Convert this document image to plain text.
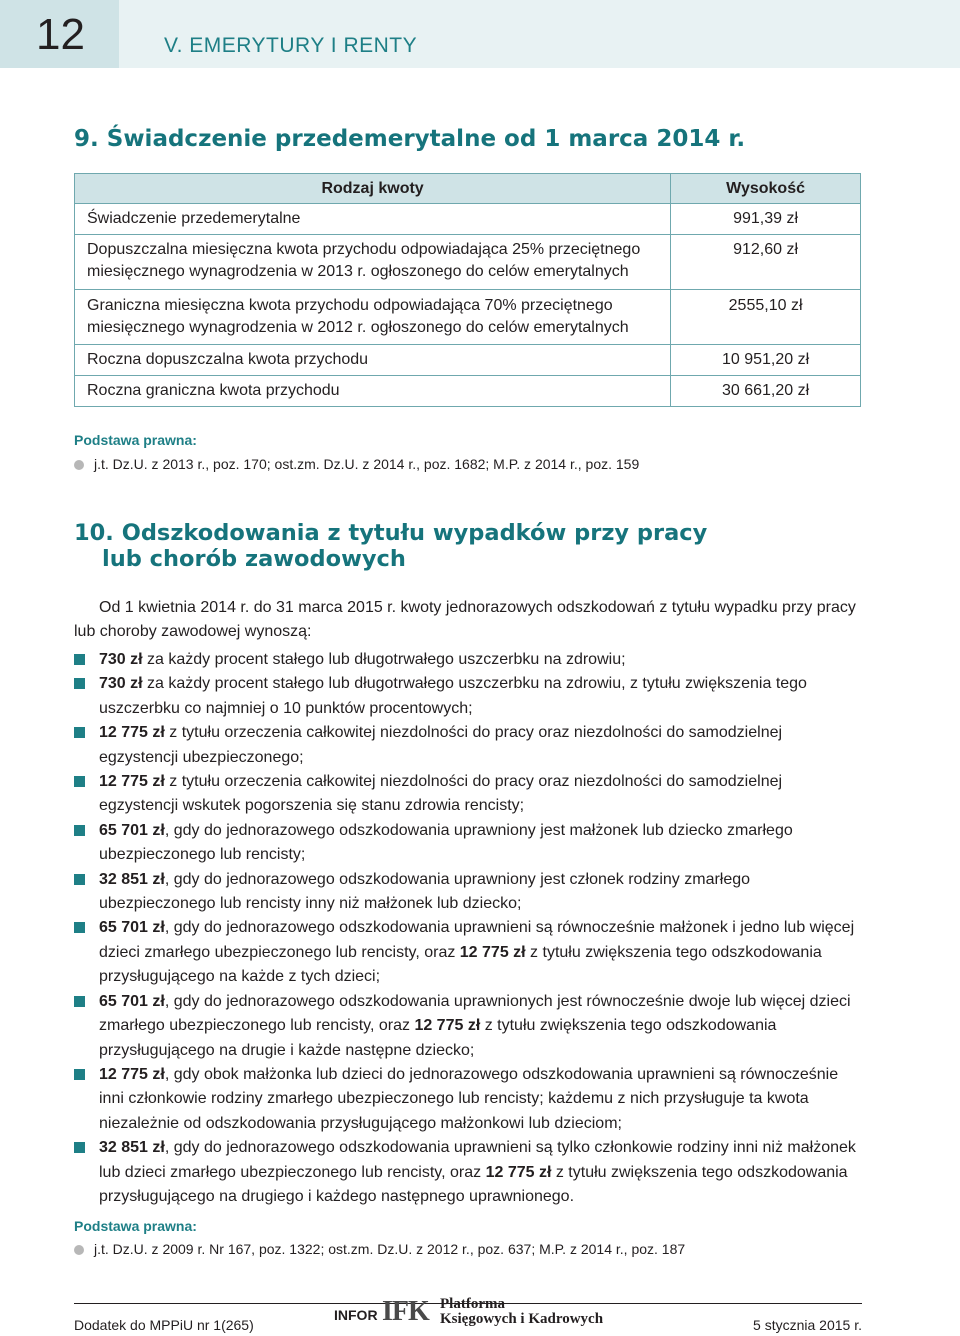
12	V. EMERYTURY I RENTY
9. Świadczenie przedemerytalne od 1 marca 2014 r.
Rodzaj kwoty	Wysokość
Świadczenie przedemerytalne	991,39 zł
Dopuszczalna miesięczna kwota przychodu odpowiadająca 25% przeciętnego miesięcznego wynagrodzenia w 2013 r. ogłoszonego do celów emerytalnych	912,60 zł
Graniczna miesięczna kwota przychodu odpowiadająca 70% przeciętnego miesięcznego wynagrodzenia w 2012 r. ogłoszonego do celów emerytalnych	2555,10 zł
Roczna dopuszczalna kwota przychodu	10 951,20 zł
Roczna graniczna kwota przychodu	30 661,20 zł
Podstawa prawna:
j.t. Dz.U. z 2013 r., poz. 170; ost.zm. Dz.U. z 2014 r., poz. 1682; M.P. z 2014 r., poz. 159
10. Odszkodowania z tytułu wypadków przy pracy
lub chorób zawodowych
Od 1 kwietnia 2014 r. do 31 marca 2015 r. kwoty jednorazowych odszkodowań z tytułu wypadku przy pracy lub choroby zawodowej wynoszą:
730 zł za każdy procent stałego lub długotrwałego uszczerbku na zdrowiu;
730 zł za każdy procent stałego lub długotrwałego uszczerbku na zdrowiu, z tytułu zwiększenia tego uszczerbku co najmniej o 10 punktów procentowych;
12 775 zł z tytułu orzeczenia całkowitej niezdolności do pracy oraz niezdolności do samodzielnej egzystencji ubezpieczonego;
12 775 zł z tytułu orzeczenia całkowitej niezdolności do pracy oraz niezdolności do samodzielnej egzystencji wskutek pogorszenia się stanu zdrowia rencisty;
65 701 zł, gdy do jednorazowego odszkodowania uprawniony jest małżonek lub dziecko zmarłego ubezpieczonego lub rencisty;
32 851 zł, gdy do jednorazowego odszkodowania uprawniony jest członek rodziny zmarłego ubezpieczonego lub rencisty inny niż małżonek lub dziecko;
65 701 zł, gdy do jednorazowego odszkodowania uprawnieni są równocześnie małżonek i jedno lub więcej dzieci zmarłego ubezpieczonego lub rencisty, oraz 12 775 zł z tytułu zwiększenia tego odszkodowania przysługującego na każde z tych dzieci;
65 701 zł, gdy do jednorazowego odszkodowania uprawnionych jest równocześnie dwoje lub więcej dzieci zmarłego ubezpieczonego lub rencisty, oraz 12 775 zł z tytułu zwiększenia tego odszkodowania przysługującego na drugie i każde następne dziecko;
12 775 zł, gdy obok małżonka lub dzieci do jednorazowego odszkodowania uprawnieni są równocześnie inni członkowie rodziny zmarłego ubezpieczonego lub rencisty; każdemu z nich przysługuje ta kwota niezależnie od odszkodowania przysługującego małżonkowi lub dzieciom;
32 851 zł, gdy do jednorazowego odszkodowania uprawnieni są tylko członkowie rodziny inni niż małżonek lub dzieci zmarłego ubezpieczonego lub rencisty, oraz 12 775 zł z tytułu zwiększenia tego odszkodowania przysługującego na drugiego i każdego następnego uprawnionego.
Podstawa prawna:
j.t. Dz.U. z 2009 r. Nr 167, poz. 1322; ost.zm. Dz.U. z 2012 r., poz. 637; M.P. z 2014 r., poz. 187
Dodatek do MPPiU nr 1(265)
INFOR IFK Platforma
Księgowych i Kadrowych	5 stycznia 2015 r.
